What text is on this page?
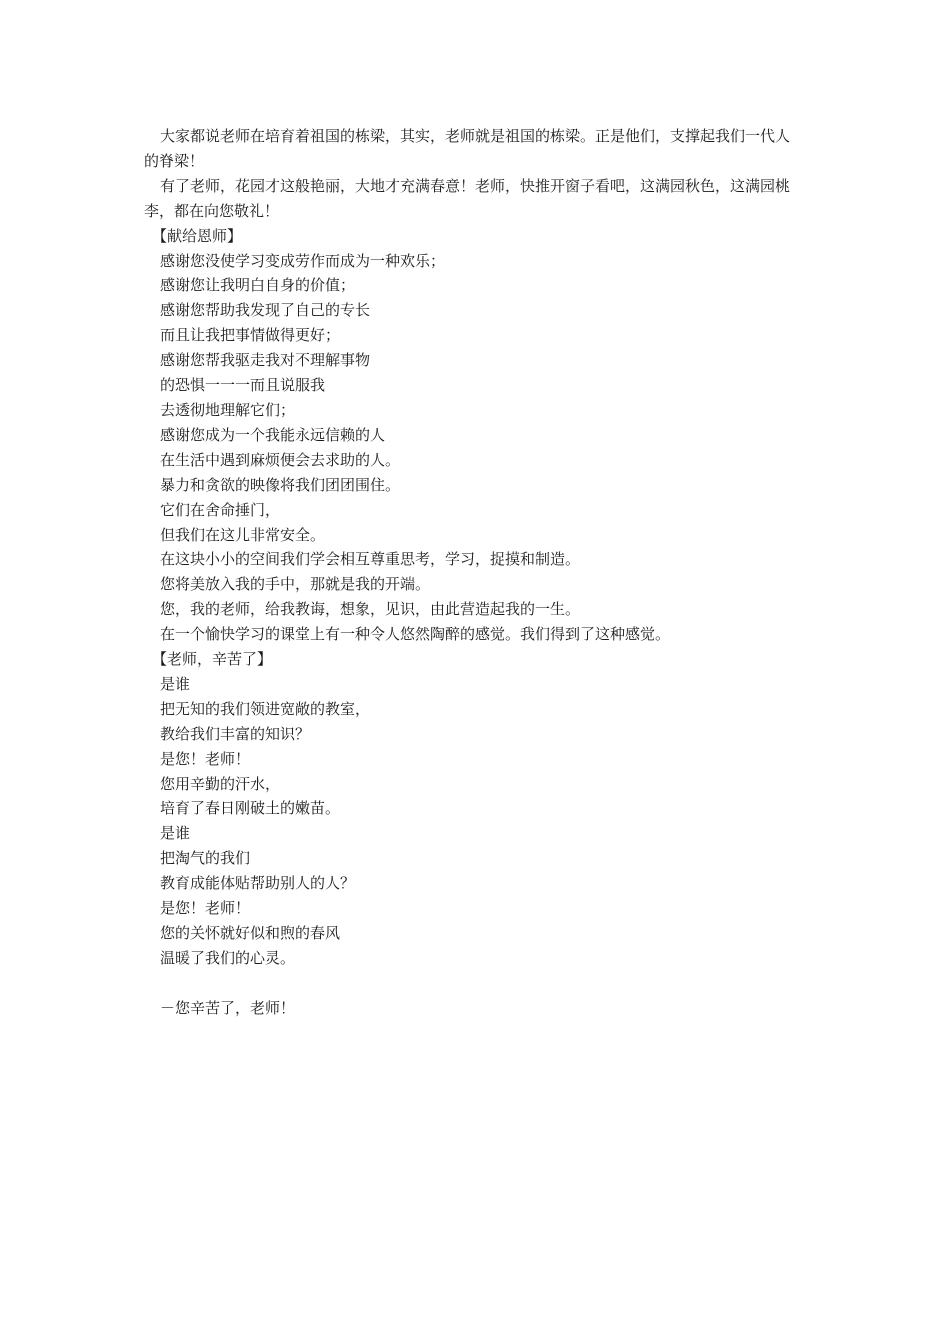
大家都说老师在培育着祖国的栋梁，其实，老师就是祖国的栋梁。正是他们，支撑起我们一代人的脊梁！

有了老师，花园才这般艳丽，大地才充满春意！老师，快推开窗子看吧，这满园秋色，这满园桃李，都在向您敬礼！

【献给恩师】

感谢您没使学习变成劳作而成为一种欢乐；

感谢您让我明白自身的价值；

感谢您帮助我发现了自己的专长

而且让我把事情做得更好；

感谢您帮我驱走我对不理解事物

的恐惧一一一而且说服我

去透彻地理解它们；

感谢您成为一个我能永远信赖的人

在生活中遇到麻烦便会去求助的人。

暴力和贪欲的映像将我们团团围住。

它们在舍命捶门，

但我们在这儿非常安全。

在这块小小的空间我们学会相互尊重思考，学习，捉摸和制造。

您将美放入我的手中，那就是我的开端。

您，我的老师，给我教诲，想象，见识，由此营造起我的一生。

在一个愉快学习的课堂上有一种令人悠然陶醉的感觉。我们得到了这种感觉。

【老师，辛苦了】

是谁

把无知的我们领进宽敞的教室，

教给我们丰富的知识？

是您！老师！

您用辛勤的汗水，

培育了春日刚破土的嫩苗。

是谁

把淘气的我们

教育成能体贴帮助别人的人？

是您！老师！

您的关怀就好似和煦的春风

温暖了我们的心灵。

－您辛苦了，老师！
